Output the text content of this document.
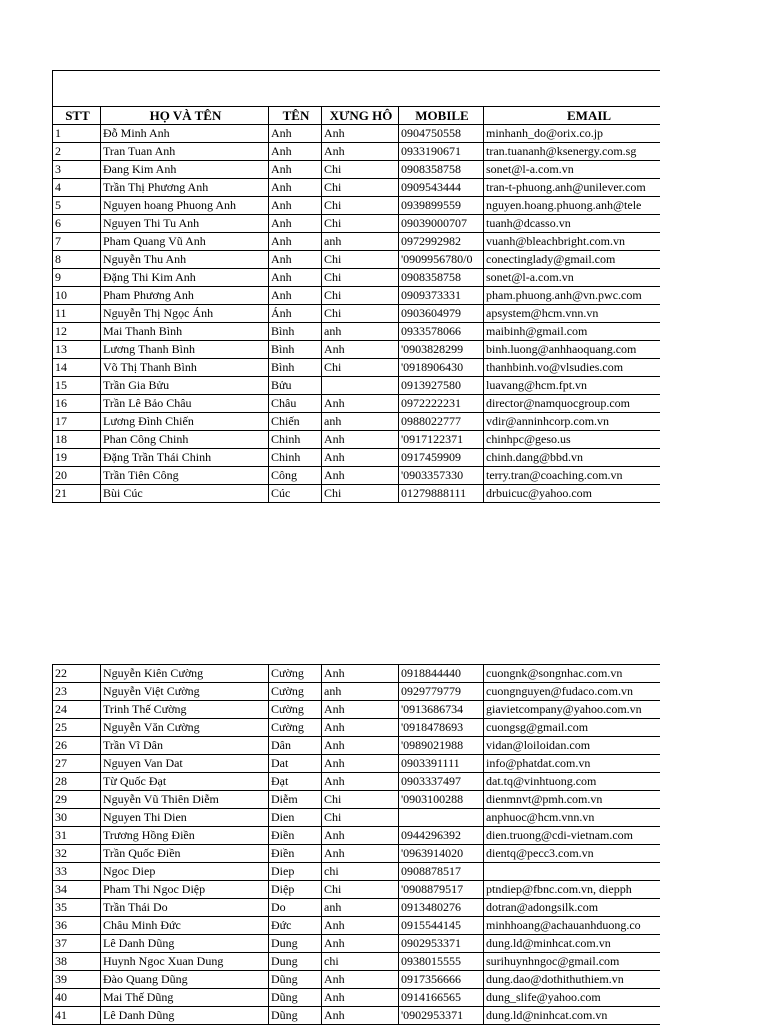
STT	HỌ VÀ TÊN	TÊN	XƯNG HÔ	MOBILE	EMAIL
1	Đỗ Minh Anh	Anh	Anh	0904750558	minhanh_do@orix.co.jp
2	Tran Tuan Anh	Anh	Anh	0933190671	tran.tuananh@ksenergy.com.sg
3	Đang Kim Anh	Anh	Chi	0908358758	sonet@l-a.com.vn
4	Trần Thị Phương Anh	Anh	Chi	0909543444	tran-t-phuong.anh@unilever.com
5	Nguyen hoang Phuong Anh	Anh	Chi	0939899559	nguyen.hoang.phuong.anh@tele
6	Nguyen Thi Tu Anh	Anh	Chi	09039000707	tuanh@dcasso.vn
7	Pham Quang Vũ Anh	Anh	anh	0972992982	vuanh@bleachbright.com.vn
8	Nguyễn Thu Anh	Anh	Chi	'0909956780/0	conectinglady@gmail.com
9	Đặng Thi Kim Anh	Anh	Chi	0908358758	sonet@l-a.com.vn
10	Pham Phương Anh	Anh	Chi	0909373331	pham.phuong.anh@vn.pwc.com
11	Nguyễn Thị Ngọc Ánh	Ánh	Chi	0903604979	apsystem@hcm.vnn.vn
12	Mai Thanh Bình	Bình	anh	0933578066	maibinh@gmail.com
13	Lương Thanh Bình	Bình	Anh	'0903828299	binh.luong@anhhaoquang.com
14	Võ Thị Thanh Bình	Bình	Chi	'0918906430	thanhbinh.vo@vlsudies.com
15	Trần Gia Bửu	Bửu		0913927580	luavang@hcm.fpt.vn
16	Trần Lê Bảo Châu	Châu	Anh	0972222231	director@namquocgroup.com
17	Lương Đình Chiến	Chiến	anh	0988022777	vdir@anninhcorp.com.vn
18	Phan Công Chinh	Chinh	Anh	'0917122371	chinhpc@geso.us
19	Đặng Trần Thái Chinh	Chinh	Anh	0917459909	chinh.dang@bbd.vn
20	Trần Tiên Công	Công	Anh	'0903357330	terry.tran@coaching.com.vn
21	Bùi Cúc	Cúc	Chi	01279888111	drbuicuc@yahoo.com
22	Nguyễn Kiên Cường	Cường	Anh	0918844440	cuongnk@songnhac.com.vn
23	Nguyễn Việt Cường	Cường	anh	0929779779	cuongnguyen@fudaco.com.vn
24	Trinh Thế Cường	Cường	Anh	'0913686734	giavietcompany@yahoo.com.vn
25	Nguyễn Văn Cường	Cường	Anh	'0918478693	cuongsg@gmail.com
26	Trần Vĩ Dân	Dân	Anh	'0989021988	vidan@loiloidan.com
27	Nguyen Van Dat	Dat	Anh	0903391111	info@phatdat.com.vn
28	Từ Quốc Đạt	Đạt	Anh	0903337497	dat.tq@vinhtuong.com
29	Nguyễn Vũ Thiên Diễm	Diễm	Chi	'0903100288	dienmnvt@pmh.com.vn
30	Nguyen Thi Dien	Dien	Chi		anphuoc@hcm.vnn.vn
31	Trương Hồng Điền	Điền	Anh	0944296392	dien.truong@cdi-vietnam.com
32	Trần Quốc Điền	Điền	Anh	'0963914020	dientq@pecc3.com.vn
33	Ngoc Diep	Diep	chi	0908878517	
34	Pham Thi Ngoc Diệp	Diệp	Chi	'0908879517	ptndiep@fbnc.com.vn, diepph
35	Trần Thái Do	Do	anh	0913480276	dotran@adongsilk.com
36	Châu Minh Đức	Đức	Anh	0915544145	minhhoang@achauanhduong.co
37	Lê Danh Dũng	Dung	Anh	0902953371	dung.ld@minhcat.com.vn
38	Huynh Ngoc Xuan Dung	Dung	chi	0938015555	surihuynhngoc@gmail.com
39	Đào Quang Dũng	Dũng	Anh	0917356666	dung.dao@dothithuthiem.vn
40	Mai Thế Dũng	Dũng	Anh	0914166565	dung_slife@yahoo.com
41	Lê Danh Dũng	Dũng	Anh	'0902953371	dung.ld@ninhcat.com.vn
